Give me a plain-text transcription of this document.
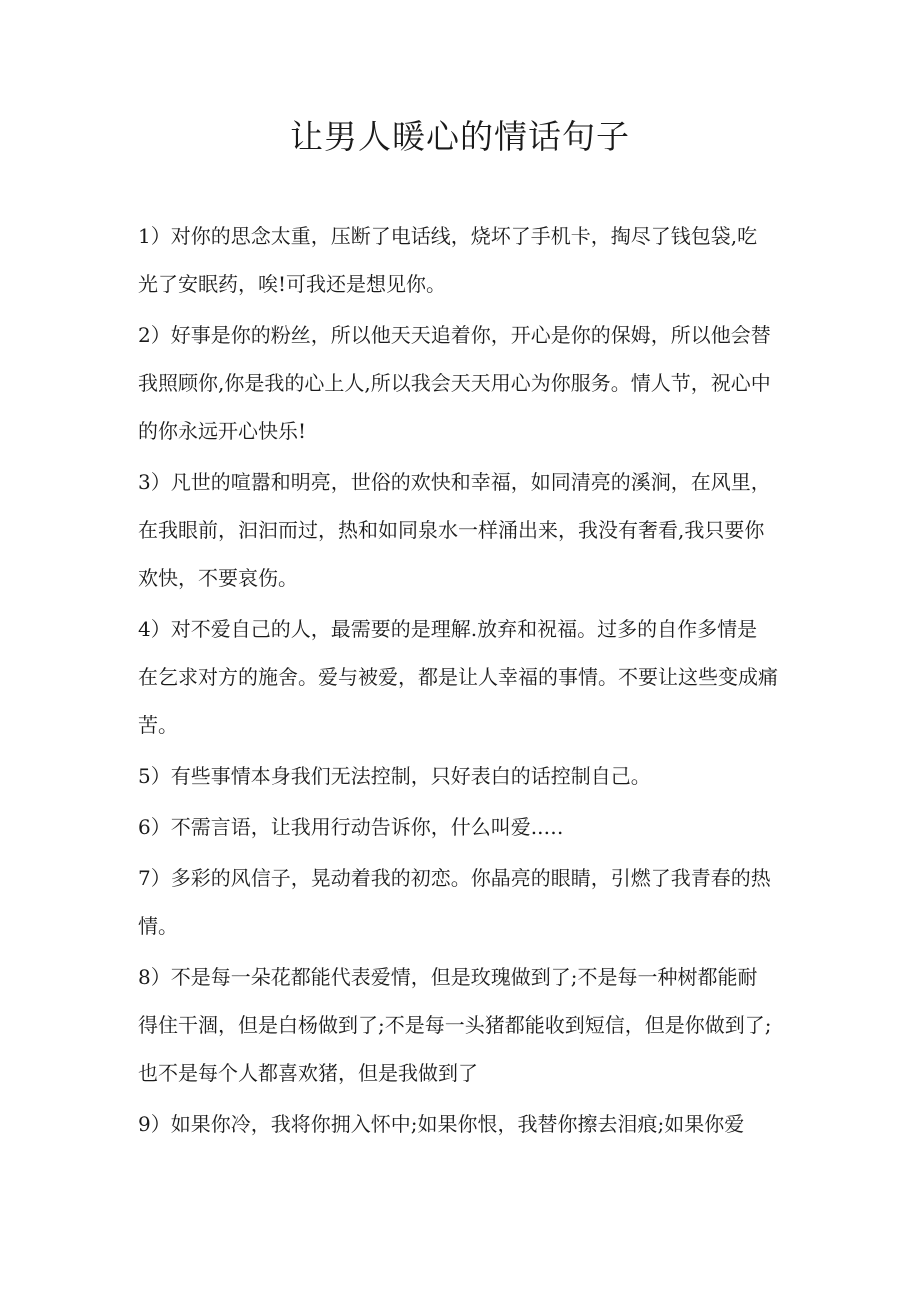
让男人暖心的情话句子
1）对你的思念太重，压断了电话线，烧坏了手机卡，掏尽了钱包袋,吃
光了安眠药，唉!可我还是想见你。
2）好事是你的粉丝，所以他天天追着你，开心是你的保姆，所以他会替
我照顾你,你是我的心上人,所以我会天天用心为你服务。情人节，祝心中
的你永远开心快乐!
3）凡世的喧嚣和明亮，世俗的欢快和幸福，如同清亮的溪涧，在风里，
在我眼前，汩汩而过，热和如同泉水一样涌出来，我没有奢看,我只要你
欢快，不要哀伤。
4）对不爱自己的人，最需要的是理解.放弃和祝福。过多的自作多情是
在乞求对方的施舍。爱与被爱，都是让人幸福的事情。不要让这些变成痛
苦。
5）有些事情本身我们无法控制，只好表白的话控制自己。
6）不需言语，让我用行动告诉你，什么叫爱..…
7）多彩的风信子，晃动着我的初恋。你晶亮的眼睛，引燃了我青春的热
情。
8）不是每一朵花都能代表爱情，但是玫瑰做到了;不是每一种树都能耐
得住干涸，但是白杨做到了;不是每一头猪都能收到短信，但是你做到了;
也不是每个人都喜欢猪，但是我做到了
9）如果你冷，我将你拥入怀中;如果你恨，我替你擦去泪痕;如果你爱
